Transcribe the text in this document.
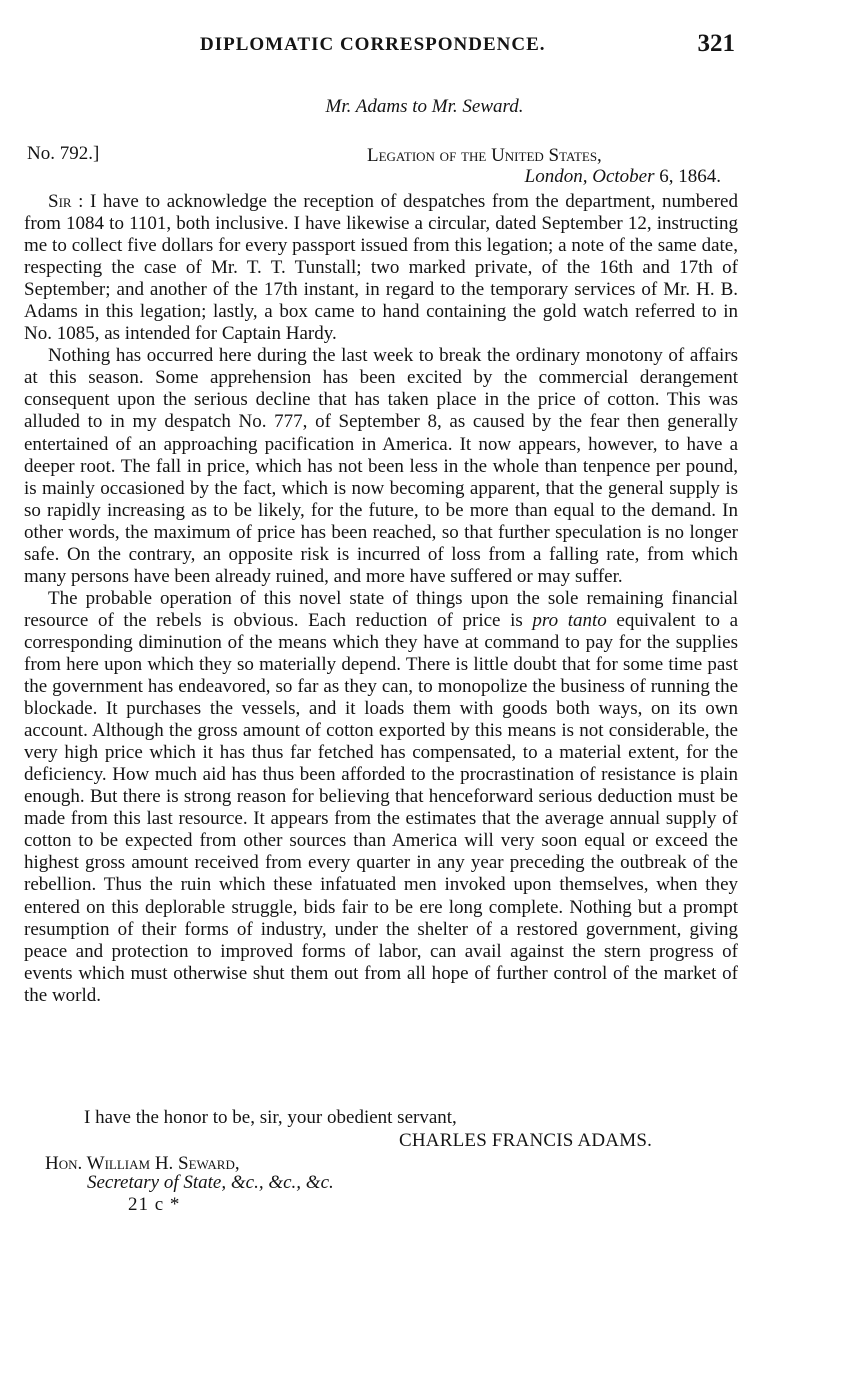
DIPLOMATIC CORRESPONDENCE.	321
Mr. Adams to Mr. Seward.
No. 792.]	Legation of the United States,
London, October 6, 1864.

Sir : I have to acknowledge the reception of despatches from the department, numbered from 1084 to 1101, both inclusive. I have likewise a circular, dated September 12, instructing me to collect five dollars for every passport issued from this legation; a note of the same date, respecting the case of Mr. T. T. Tunstall; two marked private, of the 16th and 17th of September; and another of the 17th instant, in regard to the temporary services of Mr. H. B. Adams in this legation; lastly, a box came to hand containing the gold watch referred to in No. 1085, as intended for Captain Hardy.

Nothing has occurred here during the last week to break the ordinary monotony of affairs at this season. Some apprehension has been excited by the commercial derangement consequent upon the serious decline that has taken place in the price of cotton. This was alluded to in my despatch No. 777, of September 8, as caused by the fear then generally entertained of an approaching pacification in America. It now appears, however, to have a deeper root. The fall in price, which has not been less in the whole than tenpence per pound, is mainly occasioned by the fact, which is now becoming apparent, that the general supply is so rapidly increasing as to be likely, for the future, to be more than equal to the demand. In other words, the maximum of price has been reached, so that further speculation is no longer safe. On the contrary, an opposite risk is incurred of loss from a falling rate, from which many persons have been already ruined, and more have suffered or may suffer.

The probable operation of this novel state of things upon the sole remaining financial resource of the rebels is obvious. Each reduction of price is pro tanto equivalent to a corresponding diminution of the means which they have at command to pay for the supplies from here upon which they so materially depend. There is little doubt that for some time past the government has endeavored, so far as they can, to monopolize the business of running the blockade. It purchases the vessels, and it loads them with goods both ways, on its own account. Although the gross amount of cotton exported by this means is not considerable, the very high price which it has thus far fetched has compensated, to a material extent, for the deficiency. How much aid has thus been afforded to the procrastination of resistance is plain enough. But there is strong reason for believing that henceforward serious deduction must be made from this last resource. It appears from the estimates that the average annual supply of cotton to be expected from other sources than America will very soon equal or exceed the highest gross amount received from every quarter in any year preceding the outbreak of the rebellion. Thus the ruin which these infatuated men invoked upon themselves, when they entered on this deplorable struggle, bids fair to be ere long complete. Nothing but a prompt resumption of their forms of industry, under the shelter of a restored government, giving peace and protection to improved forms of labor, can avail against the stern progress of events which must otherwise shut them out from all hope of further control of the market of the world.

I have the honor to be, sir, your obedient servant,
CHARLES FRANCIS ADAMS.
Hon. William H. Seward,
Secretary of State, &c., &c., &c.
21 c *
